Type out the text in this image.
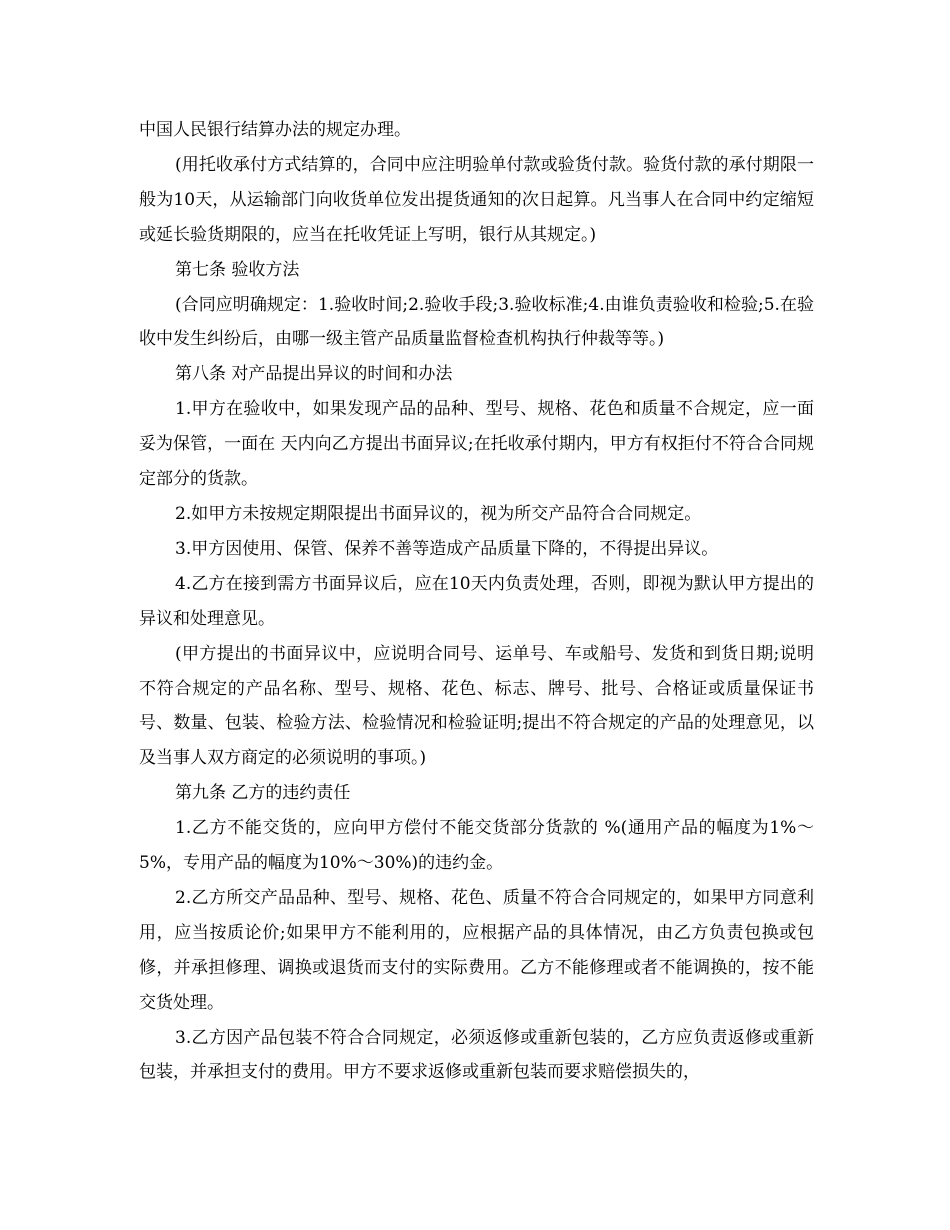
中国人民银行结算办法的规定办理。

(用托收承付方式结算的，合同中应注明验单付款或验货付款。验货付款的承付期限一般为10天，从运输部门向收货单位发出提货通知的次日起算。凡当事人在合同中约定缩短或延长验货期限的，应当在托收凭证上写明，银行从其规定。)

第七条 验收方法

(合同应明确规定：1.验收时间;2.验收手段;3.验收标准;4.由谁负责验收和检验;5.在验收中发生纠纷后，由哪一级主管产品质量监督检查机构执行仲裁等等。)

第八条 对产品提出异议的时间和办法

1.甲方在验收中，如果发现产品的品种、型号、规格、花色和质量不合规定，应一面妥为保管，一面在 天内向乙方提出书面异议;在托收承付期内，甲方有权拒付不符合合同规定部分的货款。

2.如甲方未按规定期限提出书面异议的，视为所交产品符合合同规定。

3.甲方因使用、保管、保养不善等造成产品质量下降的，不得提出异议。

4.乙方在接到需方书面异议后，应在10天内负责处理，否则，即视为默认甲方提出的异议和处理意见。

(甲方提出的书面异议中，应说明合同号、运单号、车或船号、发货和到货日期;说明不符合规定的产品名称、型号、规格、花色、标志、牌号、批号、合格证或质量保证书号、数量、包装、检验方法、检验情况和检验证明;提出不符合规定的产品的处理意见，以及当事人双方商定的必须说明的事项。)

第九条 乙方的违约责任

1.乙方不能交货的，应向甲方偿付不能交货部分货款的 %(通用产品的幅度为1%～5%，专用产品的幅度为10%～30%)的违约金。

2.乙方所交产品品种、型号、规格、花色、质量不符合合同规定的，如果甲方同意利用，应当按质论价;如果甲方不能利用的，应根据产品的具体情况，由乙方负责包换或包修，并承担修理、调换或退货而支付的实际费用。乙方不能修理或者不能调换的，按不能交货处理。

3.乙方因产品包装不符合合同规定，必须返修或重新包装的，乙方应负责返修或重新包装，并承担支付的费用。甲方不要求返修或重新包装而要求赔偿损失的，
